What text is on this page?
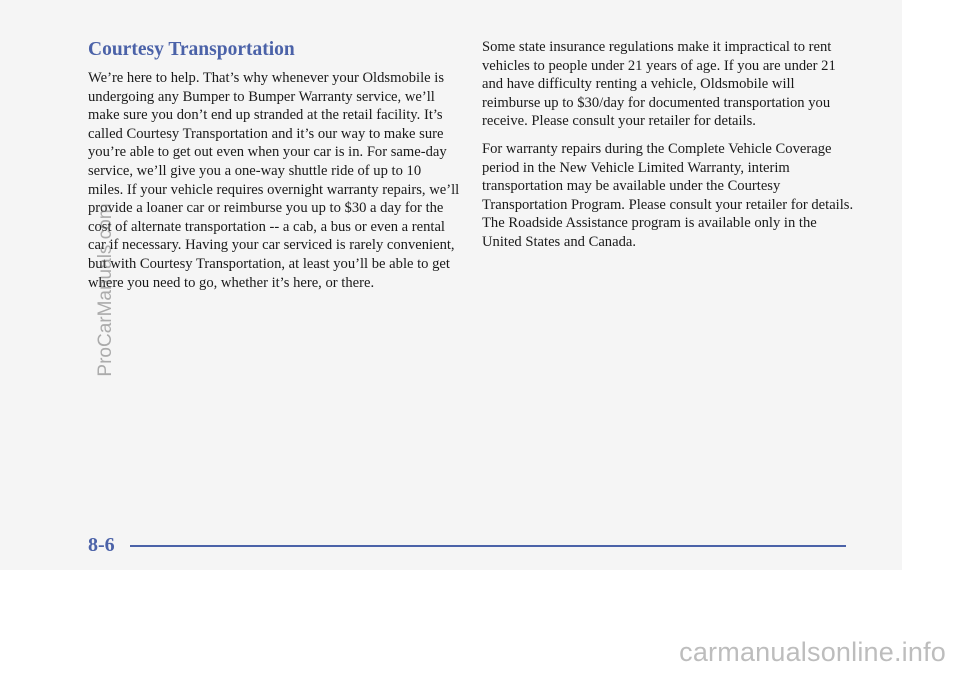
Courtesy Transportation

We’re here to help. That’s why whenever your Oldsmobile is undergoing any Bumper to Bumper Warranty service, we’ll make sure you don’t end up stranded at the retail facility. It’s called Courtesy Transportation and it’s our way to make sure you’re able to get out even when your car is in. For same-day service, we’ll give you a one-way shuttle ride of up to 10 miles. If your vehicle requires overnight warranty repairs, we’ll provide a loaner car or reimburse you up to $30 a day for the cost of alternate transportation -- a cab, a bus or even a rental car if necessary. Having your car serviced is rarely convenient, but with Courtesy Transportation, at least you’ll be able to get where you need to go, whether it’s here, or there.

Some state insurance regulations make it impractical to rent vehicles to people under 21 years of age. If you are under 21 and have difficulty renting a vehicle, Oldsmobile will reimburse up to $30/day for documented transportation you receive. Please consult your retailer for details.

For warranty repairs during the Complete Vehicle Coverage period in the New Vehicle Limited Warranty, interim transportation may be available under the Courtesy Transportation Program. Please consult your retailer for details. The Roadside Assistance program is available only in the United States and Canada.

8-6
ProCarManuals.com
carmanualsonline.info
